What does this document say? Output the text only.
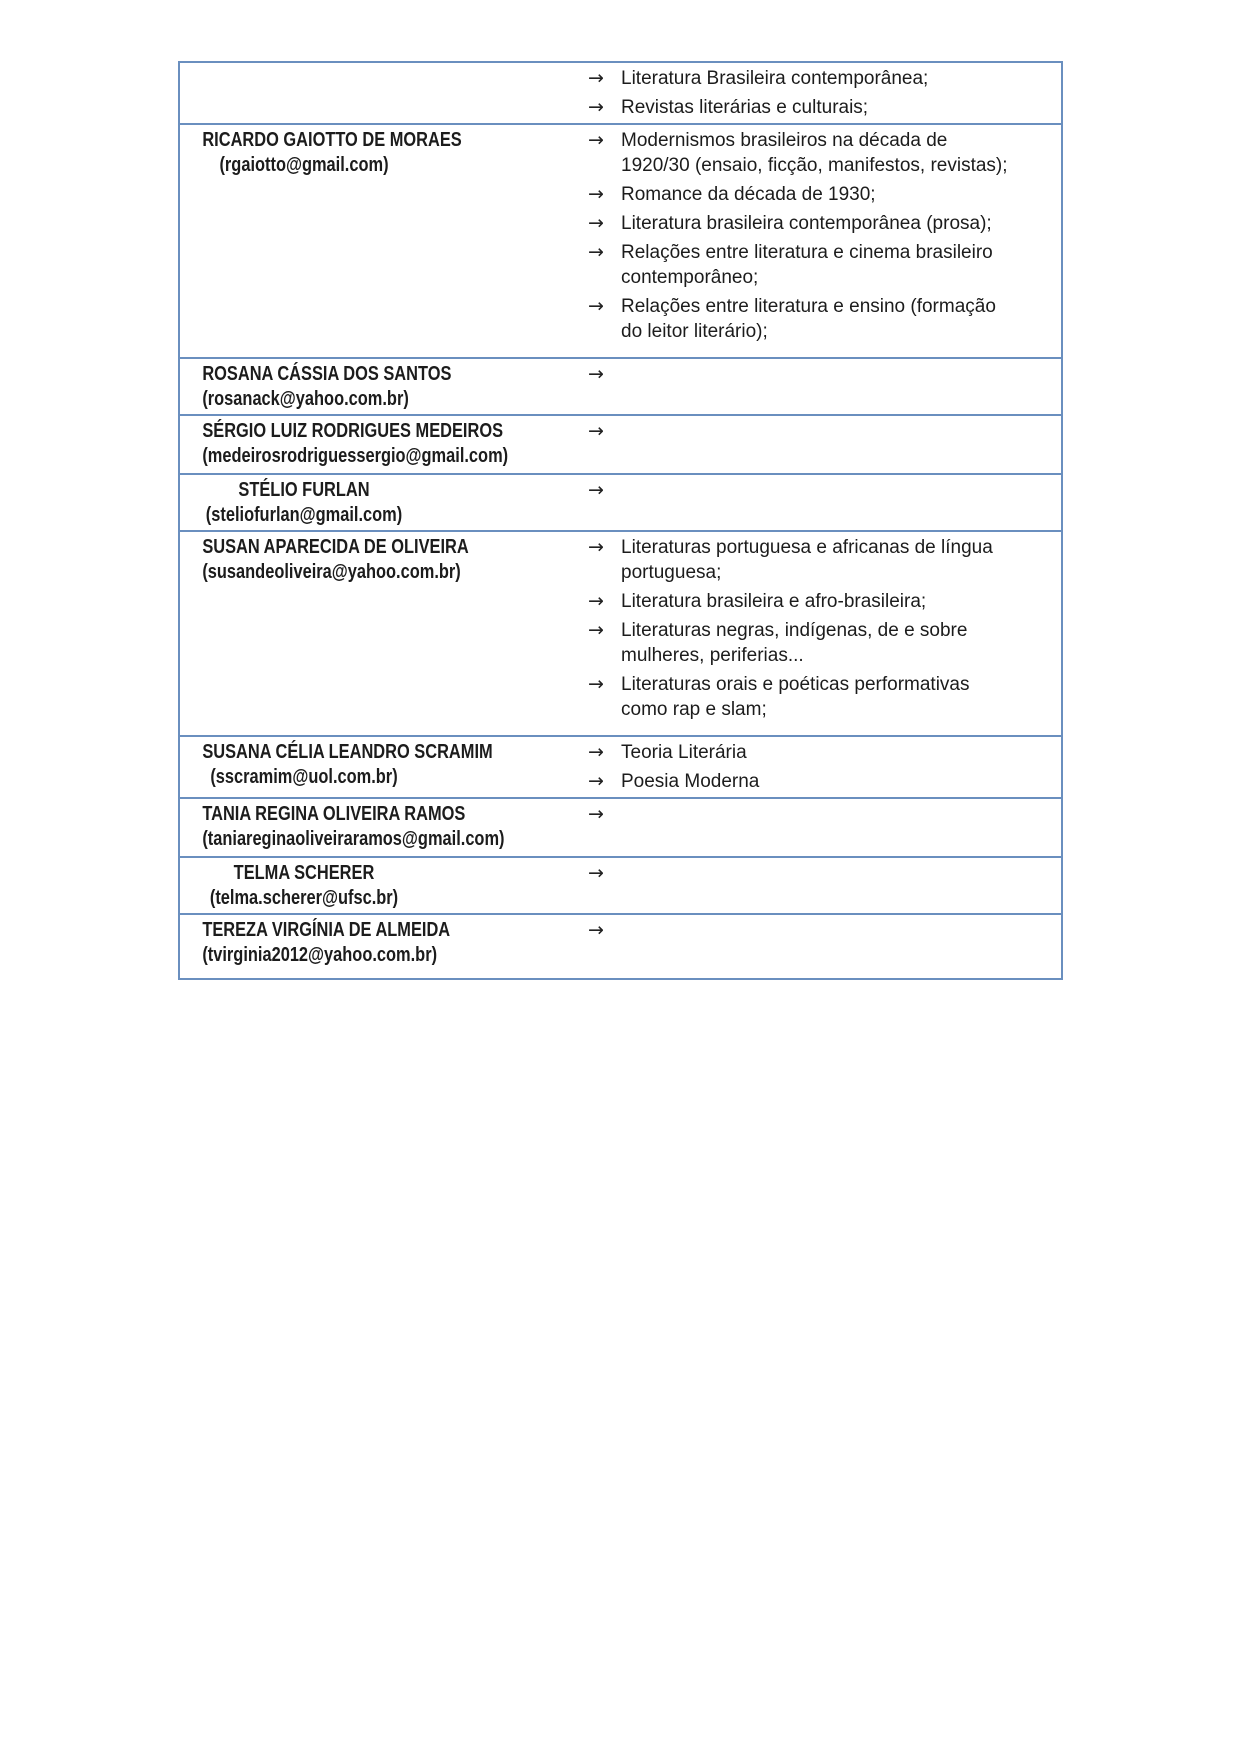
→ Literatura Brasileira contemporânea;
→ Revistas literárias e culturais;
RICARDO GAIOTTO DE MORAES
(rgaiotto@gmail.com)
→ Modernismos brasileiros na década de
1920/30 (ensaio, ficção, manifestos, revistas);
→ Romance da década de 1930;
→ Literatura brasileira contemporânea (prosa);
→ Relações entre literatura e cinema brasileiro
contemporâneo;
→ Relações entre literatura e ensino (formação
do leitor literário);
ROSANA CÁSSIA DOS SANTOS
(rosanack@yahoo.com.br)
→
SÉRGIO LUIZ RODRIGUES MEDEIROS
(medeirosrodriguessergio@gmail.com)
→
STÉLIO FURLAN
(steliofurlan@gmail.com)
→
SUSAN APARECIDA DE OLIVEIRA
(susandeoliveira@yahoo.com.br)
→ Literaturas portuguesa e africanas de língua
portuguesa;
→ Literatura brasileira e afro-brasileira;
→ Literaturas negras, indígenas, de e sobre
mulheres, periferias...
→ Literaturas orais e poéticas performativas
como rap e slam;
SUSANA CÉLIA LEANDRO SCRAMIM
(sscramim@uol.com.br)
→ Teoria Literária
→ Poesia Moderna
TANIA REGINA OLIVEIRA RAMOS
(taniareginaoliveiraramos@gmail.com)
→
TELMA SCHERER
(telma.scherer@ufsc.br)
→
TEREZA VIRGÍNIA DE ALMEIDA
(tvirginia2012@yahoo.com.br)
→
